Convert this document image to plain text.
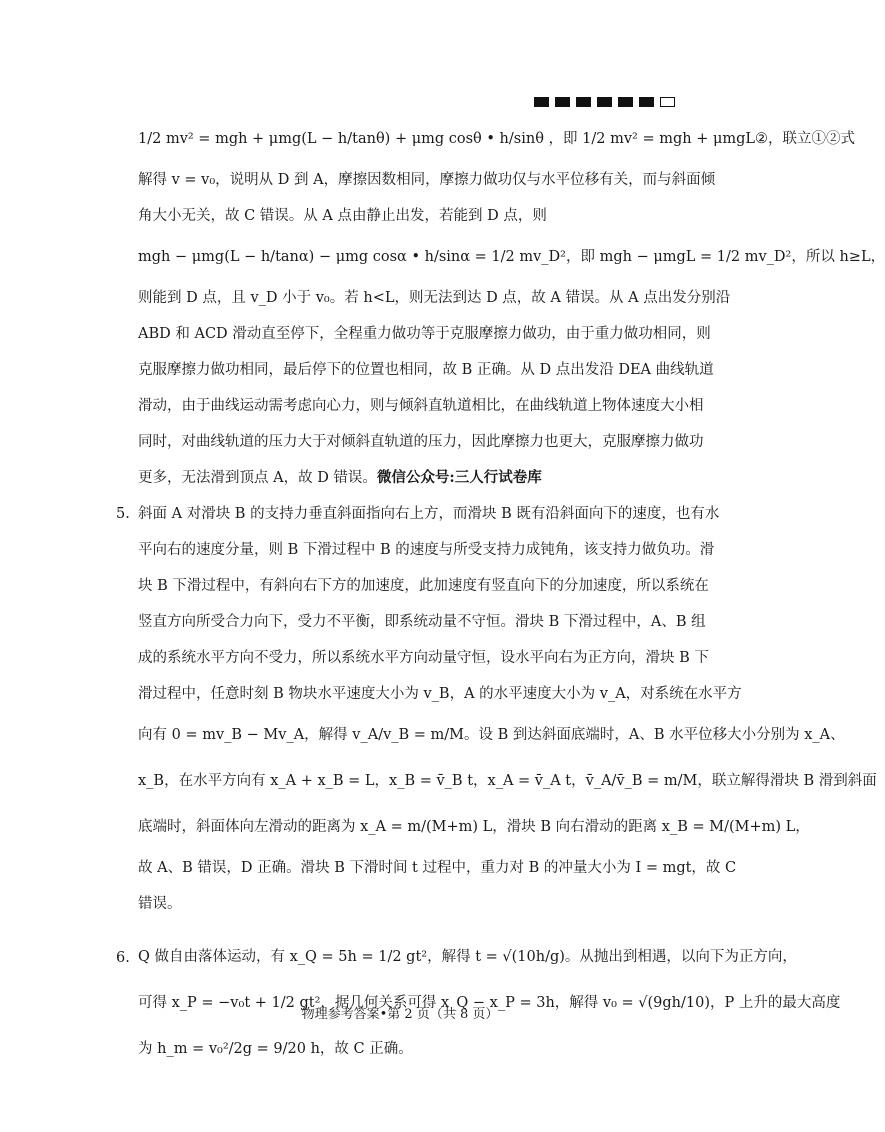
1/2 mv² = mgh + μmg(L − h/tanθ) + μmg cosθ • h/sinθ ，即 1/2 mv² = mgh + μmgL②，联立①②式
解得 v = v₀，说明从 D 到 A，摩擦因数相同，摩擦力做功仅与水平位移有关，而与斜面倾
角大小无关，故 C 错误。从 A 点由静止出发，若能到 D 点，则
mgh − μmg(L − h/tanα) − μmg cosα • h/sinα = 1/2 mv_D²，即 mgh − μmgL = 1/2 mv_D²，所以 h≥L，
则能到 D 点，且 v_D 小于 v₀。若 h<L，则无法到达 D 点，故 A 错误。从 A 点出发分别沿
ABD 和 ACD 滑动直至停下，全程重力做功等于克服摩擦力做功，由于重力做功相同，则
克服摩擦力做功相同，最后停下的位置也相同，故 B 正确。从 D 点出发沿 DEA 曲线轨道
滑动，由于曲线运动需考虑向心力，则与倾斜直轨道相比，在曲线轨道上物体速度大小相
同时，对曲线轨道的压力大于对倾斜直轨道的压力，因此摩擦力也更大，克服摩擦力做功
更多，无法滑到顶点 A，故 D 错误。微信公众号:三人行试卷库
5. 斜面 A 对滑块 B 的支持力垂直斜面指向右上方，而滑块 B 既有沿斜面向下的速度，也有水
平向右的速度分量，则 B 下滑过程中 B 的速度与所受支持力成钝角，该支持力做负功。滑
块 B 下滑过程中，有斜向右下方的加速度，此加速度有竖直向下的分加速度，所以系统在
竖直方向所受合力向下，受力不平衡，即系统动量不守恒。滑块 B 下滑过程中，A、B 组
成的系统水平方向不受力，所以系统水平方向动量守恒，设水平向右为正方向，滑块 B 下
滑过程中，任意时刻 B 物块水平速度大小为 v_B，A 的水平速度大小为 v_A，对系统在水平方
向有 0 = mv_B − Mv_A，解得 v_A/v_B = m/M。设 B 到达斜面底端时，A、B 水平位移大小分别为 x_A、
x_B，在水平方向有 x_A + x_B = L，x_B = v̄_B t，x_A = v̄_A t，v̄_A/v̄_B = m/M，联立解得滑块 B 滑到斜面
底端时，斜面体向左滑动的距离为 x_A = m/(M+m) L，滑块 B 向右滑动的距离 x_B = M/(M+m) L，
故 A、B 错误，D 正确。滑块 B 下滑时间 t 过程中，重力对 B 的冲量大小为 I = mgt，故 C
错误。
6. Q 做自由落体运动，有 x_Q = 5h = 1/2 gt²，解得 t = √(10h/g)。从抛出到相遇，以向下为正方向，
可得 x_P = −v₀t + 1/2 gt²，据几何关系可得 x_Q − x_P = 3h，解得 v₀ = √(9gh/10)，P 上升的最大高度
为 h_m = v₀²/2g = 9/20 h，故 C 正确。
物理参考答案•第 2 页（共 8 页）
